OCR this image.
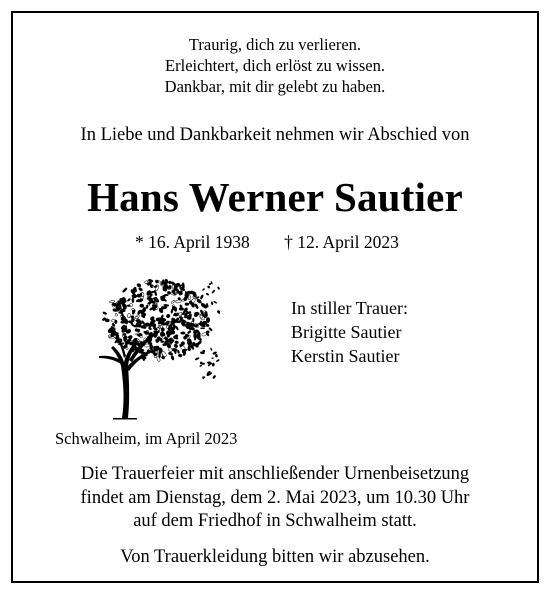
Traurig, dich zu verlieren.
Erleichtert, dich erlöst zu wissen.
Dankbar, mit dir gelebt zu haben.
In Liebe und Dankbarkeit nehmen wir Abschied von
Hans Werner Sautier
* 16. April 1938 † 12. April 2023
In stiller Trauer:
Brigitte Sautier
Kerstin Sautier
Schwalheim, im April 2023
Die Trauerfeier mit anschließender Urnenbeisetzung
findet am Dienstag, dem 2. Mai 2023, um 10.30 Uhr
auf dem Friedhof in Schwalheim statt.
Von Trauerkleidung bitten wir abzusehen.
